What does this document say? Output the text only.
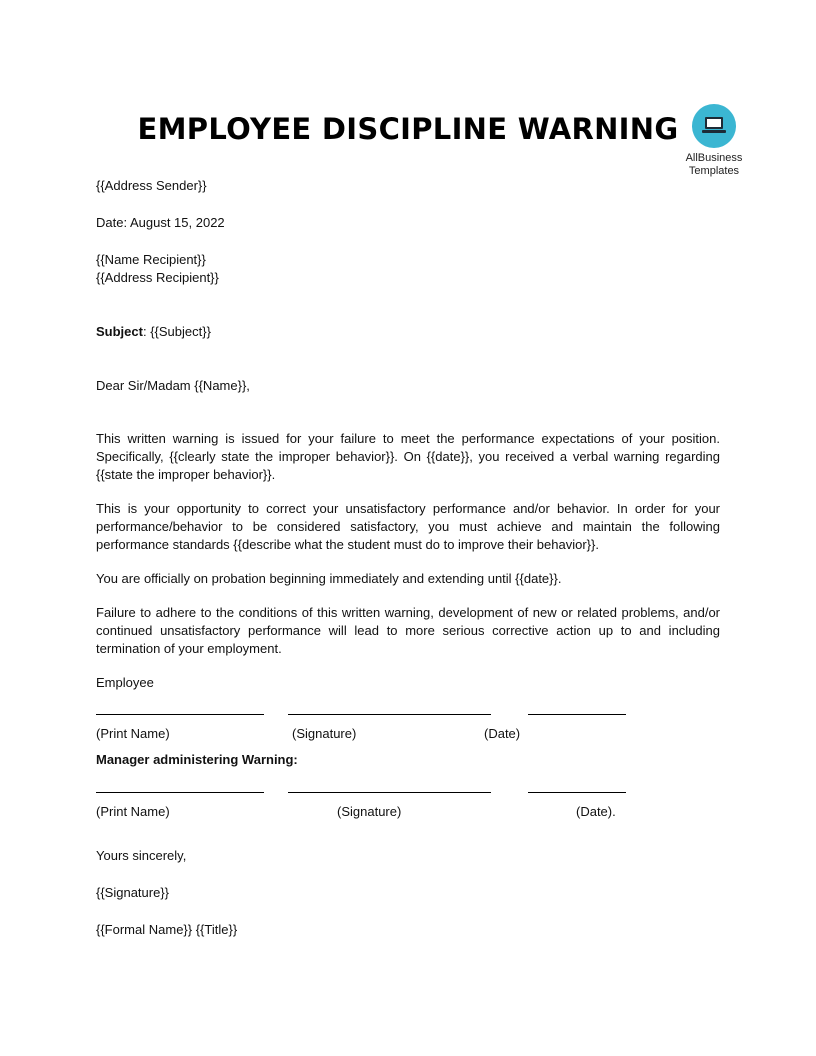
EMPLOYEE DISCIPLINE WARNING
AllBusiness
Templates
{{Address Sender}}
Date: August 15, 2022
{{Name Recipient}}
{{Address Recipient}}
Subject: {{Subject}}
Dear Sir/Madam {{Name}},
This written warning is issued for your failure to meet the performance expectations of your position. Specifically, {{clearly state the improper behavior}}. On {{date}}, you received a verbal warning regarding {{state the improper behavior}}.
This is your opportunity to correct your unsatisfactory performance and/or behavior. In order for your performance/behavior to be considered satisfactory, you must achieve and maintain the following performance standards {{describe what the student must do to improve their behavior}}.
You are officially on probation beginning immediately and extending until {{date}}.
Failure to adhere to the conditions of this written warning, development of new or related problems, and/or continued unsatisfactory performance will lead to more serious corrective action up to and including termination of your employment.
Employee
(Print Name)	(Signature)	(Date)
Manager administering Warning:
(Print Name)	(Signature)	(Date).
Yours sincerely,
{{Signature}}
{{Formal Name}} {{Title}}
